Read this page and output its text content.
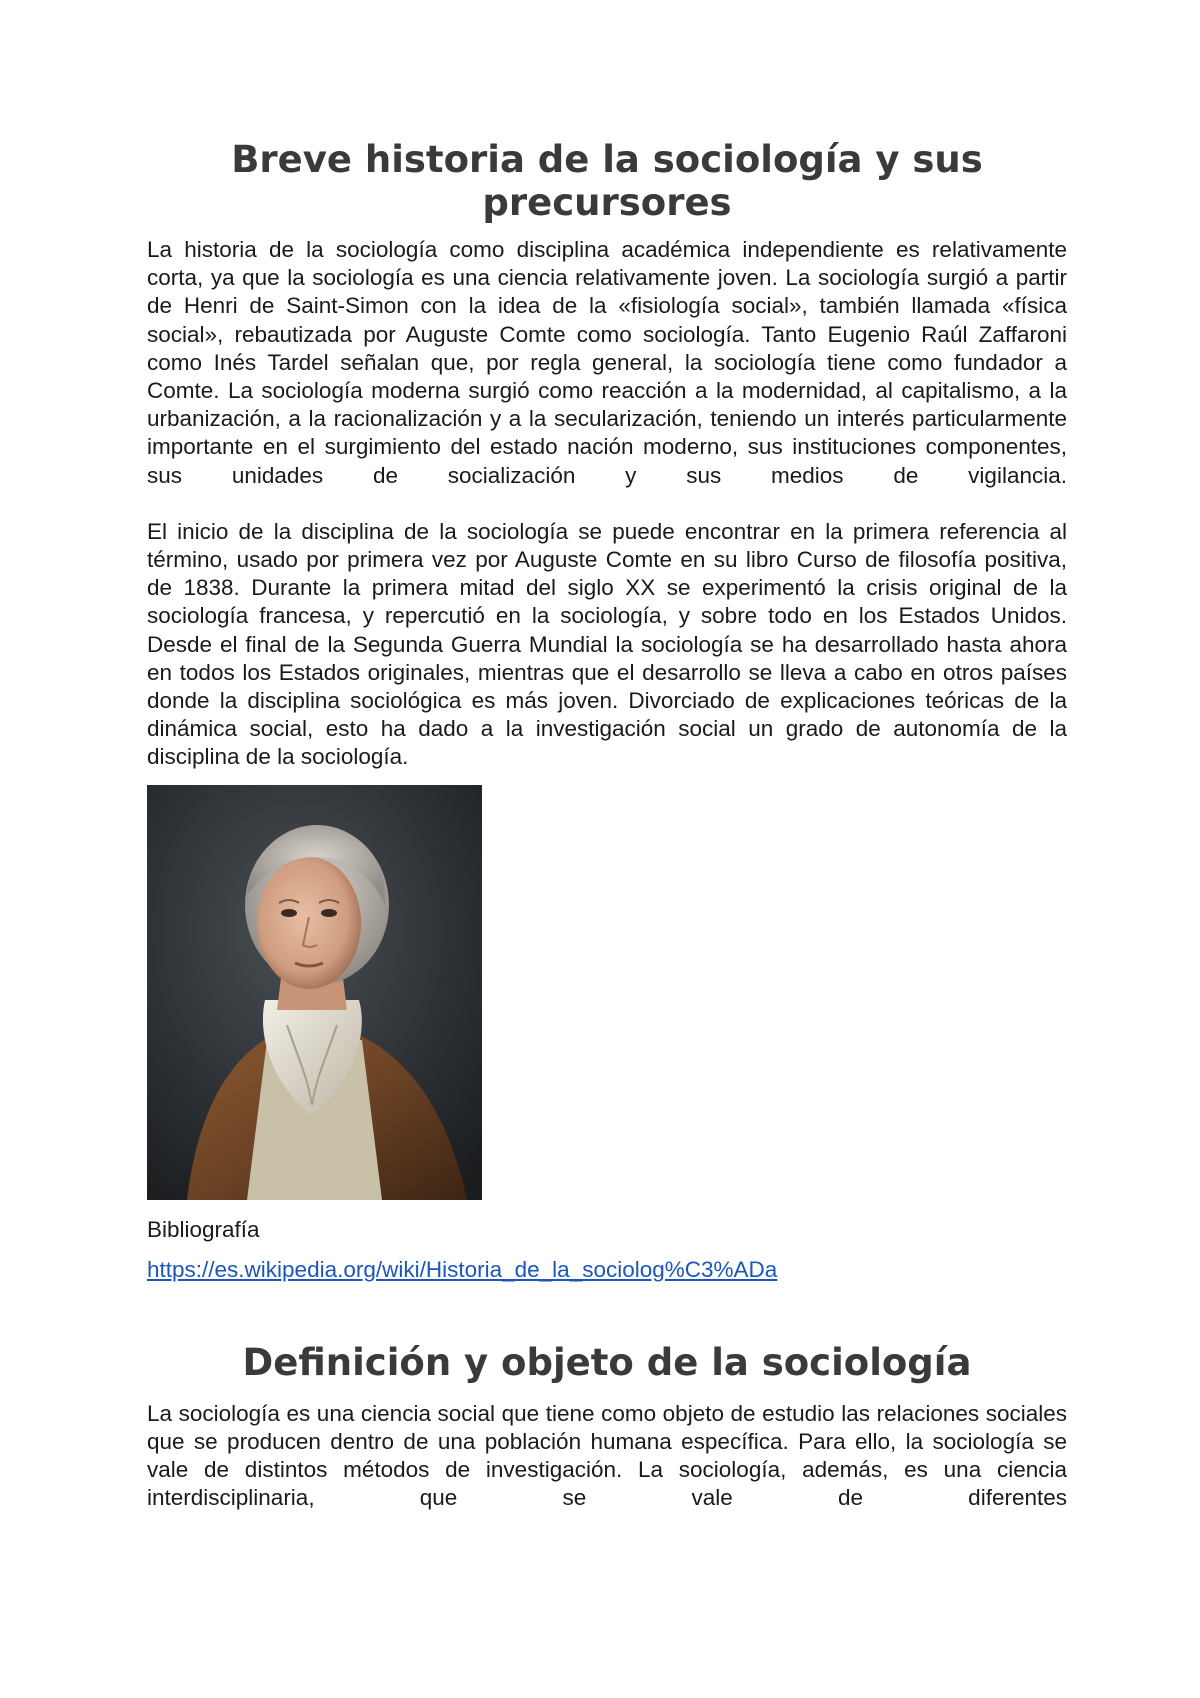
Breve historia de la sociología y sus precursores

La historia de la sociología como disciplina académica independiente es relativamente corta, ya que la sociología es una ciencia relativamente joven. La sociología surgió a partir de Henri de Saint-Simon con la idea de la «fisiología social», también llamada «física social», rebautizada por Auguste Comte como sociología. Tanto Eugenio Raúl Zaffaroni como Inés Tardel señalan que, por regla general, la sociología tiene como fundador a Comte. La sociología moderna surgió como reacción a la modernidad, al capitalismo, a la urbanización, a la racionalización y a la secularización, teniendo un interés particularmente importante en el surgimiento del estado nación moderno, sus instituciones componentes, sus unidades de socialización y sus medios de vigilancia.

El inicio de la disciplina de la sociología se puede encontrar en la primera referencia al término, usado por primera vez por Auguste Comte en su libro Curso de filosofía positiva, de 1838. Durante la primera mitad del siglo XX se experimentó la crisis original de la sociología francesa, y repercutió en la sociología, y sobre todo en los Estados Unidos. Desde el final de la Segunda Guerra Mundial la sociología se ha desarrollado hasta ahora en todos los Estados originales, mientras que el desarrollo se lleva a cabo en otros países donde la disciplina sociológica es más joven. Divorciado de explicaciones teóricas de la dinámica social, esto ha dado a la investigación social un grado de autonomía de la disciplina de la sociología.

Bibliografía
https://es.wikipedia.org/wiki/Historia_de_la_sociolog%C3%ADa
Definición y objeto de la sociología

La sociología es una ciencia social que tiene como objeto de estudio las relaciones sociales que se producen dentro de una población humana específica. Para ello, la sociología se vale de distintos métodos de investigación. La sociología, además, es una ciencia interdisciplinaria, que se vale de diferentes
